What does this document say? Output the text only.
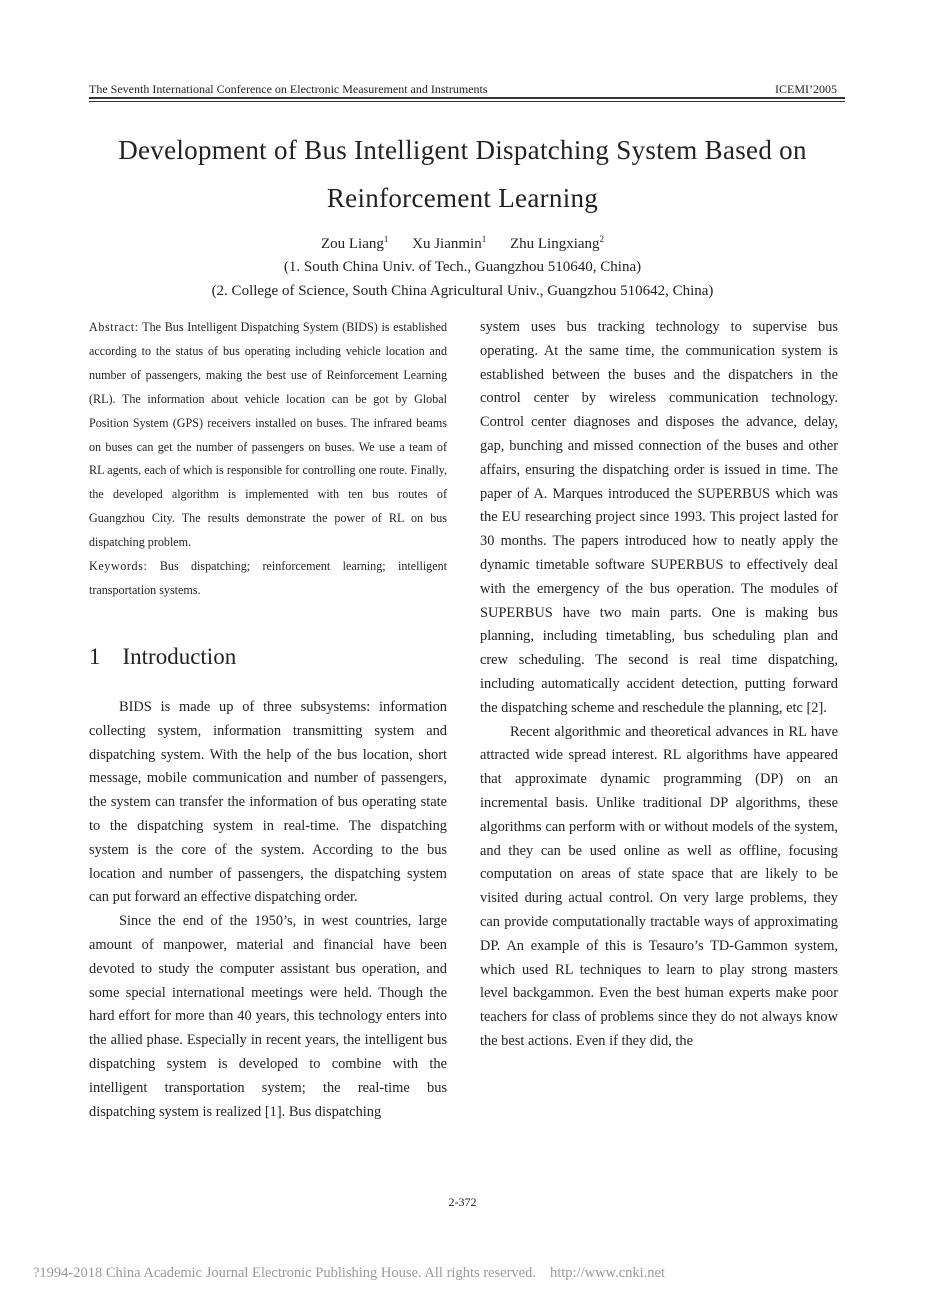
The Seventh International Conference on Electronic Measurement and Instruments	ICEMI’2005
Development of Bus Intelligent Dispatching System Based on
Reinforcement Learning
Zou Liang$^1$ Xu Jianmin$^1$ Zhu Lingxiang$^2$
(1. South China Univ. of Tech., Guangzhou 510640, China)
(2. College of Science, South China Agricultural Univ., Guangzhou 510642, China)

Abstract: The Bus Intelligent Dispatching System (BIDS) is established according to the status of bus operating including vehicle location and number of passengers, making the best use of Reinforcement Learning (RL). The information about vehicle location can be got by Global Position System (GPS) receivers installed on buses. The infrared beams on buses can get the number of passengers on buses. We use a team of RL agents, each of which is responsible for controlling one route. Finally, the developed algorithm is implemented with ten bus routes of Guangzhou City. The results demonstrate the power of RL on bus dispatching problem.

Keywords: Bus dispatching; reinforcement learning; intelligent transportation systems.

1 Introduction

BIDS is made up of three subsystems: information collecting system, information transmitting system and dispatching system. With the help of the bus location, short message, mobile communication and number of passengers, the system can transfer the information of bus operating state to the dispatching system in real-time. The dispatching system is the core of the system. According to the bus location and number of passengers, the dispatching system can put forward an effective dispatching order.

Since the end of the 1950’s, in west countries, large amount of manpower, material and financial have been devoted to study the computer assistant bus operation, and some special international meetings were held. Though the hard effort for more than 40 years, this technology enters into the allied phase. Especially in recent years, the intelligent bus dispatching system is developed to combine with the intelligent transportation system; the real-time bus dispatching system is realized [1]. Bus dispatching

system uses bus tracking technology to supervise bus operating. At the same time, the communication system is established between the buses and the dispatchers in the control center by wireless communication technology. Control center diagnoses and disposes the advance, delay, gap, bunching and missed connection of the buses and other affairs, ensuring the dispatching order is issued in time. The paper of A. Marques introduced the SUPERBUS which was the EU researching project since 1993. This project lasted for 30 months. The papers introduced how to neatly apply the dynamic timetable software SUPERBUS to effectively deal with the emergency of the bus operation. The modules of SUPERBUS have two main parts. One is making bus planning, including timetabling, bus scheduling plan and crew scheduling. The second is real time dispatching, including automatically accident detection, putting forward the dispatching scheme and reschedule the planning, etc [2].

Recent algorithmic and theoretical advances in RL have attracted wide spread interest. RL algorithms have appeared that approximate dynamic programming (DP) on an incremental basis. Unlike traditional DP algorithms, these algorithms can perform with or without models of the system, and they can be used online as well as offline, focusing computation on areas of state space that are likely to be visited during actual control. On very large problems, they can provide computationally tractable ways of approximating DP. An example of this is Tesauro’s TD-Gammon system, which used RL techniques to learn to play strong masters level backgammon. Even the best human experts make poor teachers for class of problems since they do not always know the best actions. Even if they did, the

2-372
?1994-2018 China Academic Journal Electronic Publishing House. All rights reserved. http://www.cnki.net
